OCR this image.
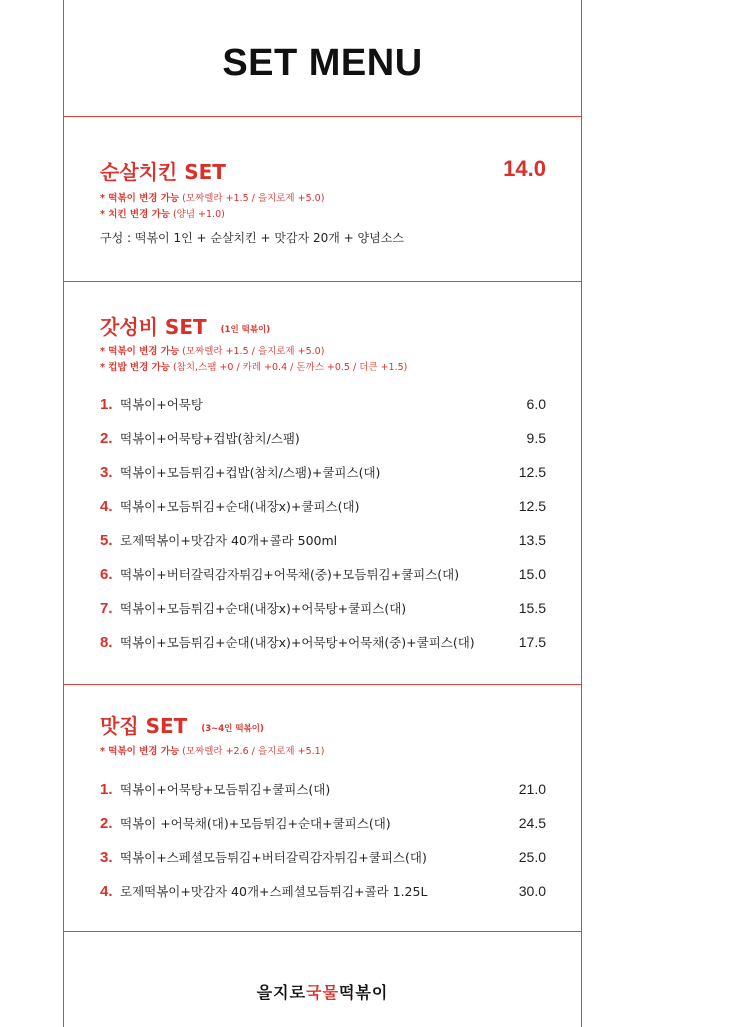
SET MENU
순살치킨 SET	14.0
* 떡볶이 변경 가능 (모짜렐라 +1.5 / 을지로제 +5.0)
* 치킨 변경 가능 (양념 +1.0)
구성 : 떡볶이 1인 + 순살치킨 + 맛감자 20개 + 양념소스
갓성비 SET (1인 떡볶이)
* 떡볶이 변경 가능 (모짜렐라 +1.5 / 을지로제 +5.0)
* 컵밥 변경 가능 (참치,스팸 +0 / 카레 +0.4 / 돈까스 +0.5 / 더큰 +1.5)
1. 떡볶이+어묵탕	6.0
2. 떡볶이+어묵탕+컵밥(참치/스팸)	9.5
3. 떡볶이+모듬튀김+컵밥(참치/스팸)+쿨피스(대)	12.5
4. 떡볶이+모듬튀김+순대(내장x)+쿨피스(대)	12.5
5. 로제떡볶이+맛감자 40개+콜라 500ml	13.5
6. 떡볶이+버터갈릭감자튀김+어묵채(중)+모듬튀김+쿨피스(대)	15.0
7. 떡볶이+모듬튀김+순대(내장x)+어묵탕+쿨피스(대)	15.5
8. 떡볶이+모듬튀김+순대(내장x)+어묵탕+어묵채(중)+쿨피스(대)	17.5
맛집 SET (3~4인 떡볶이)
* 떡볶이 변경 가능 (모짜렐라 +2.6 / 을지로제 +5.1)
1. 떡볶이+어묵탕+모듬튀김+쿨피스(대)	21.0
2. 떡볶이 +어묵채(대)+모듬튀김+순대+쿨피스(대)	24.5
3. 떡볶이+스페셜모듬튀김+버터갈릭감자튀김+쿨피스(대)	25.0
4. 로제떡볶이+맛감자 40개+스페셜모듬튀김+콜라 1.25L	30.0
을지로국물떡볶이
